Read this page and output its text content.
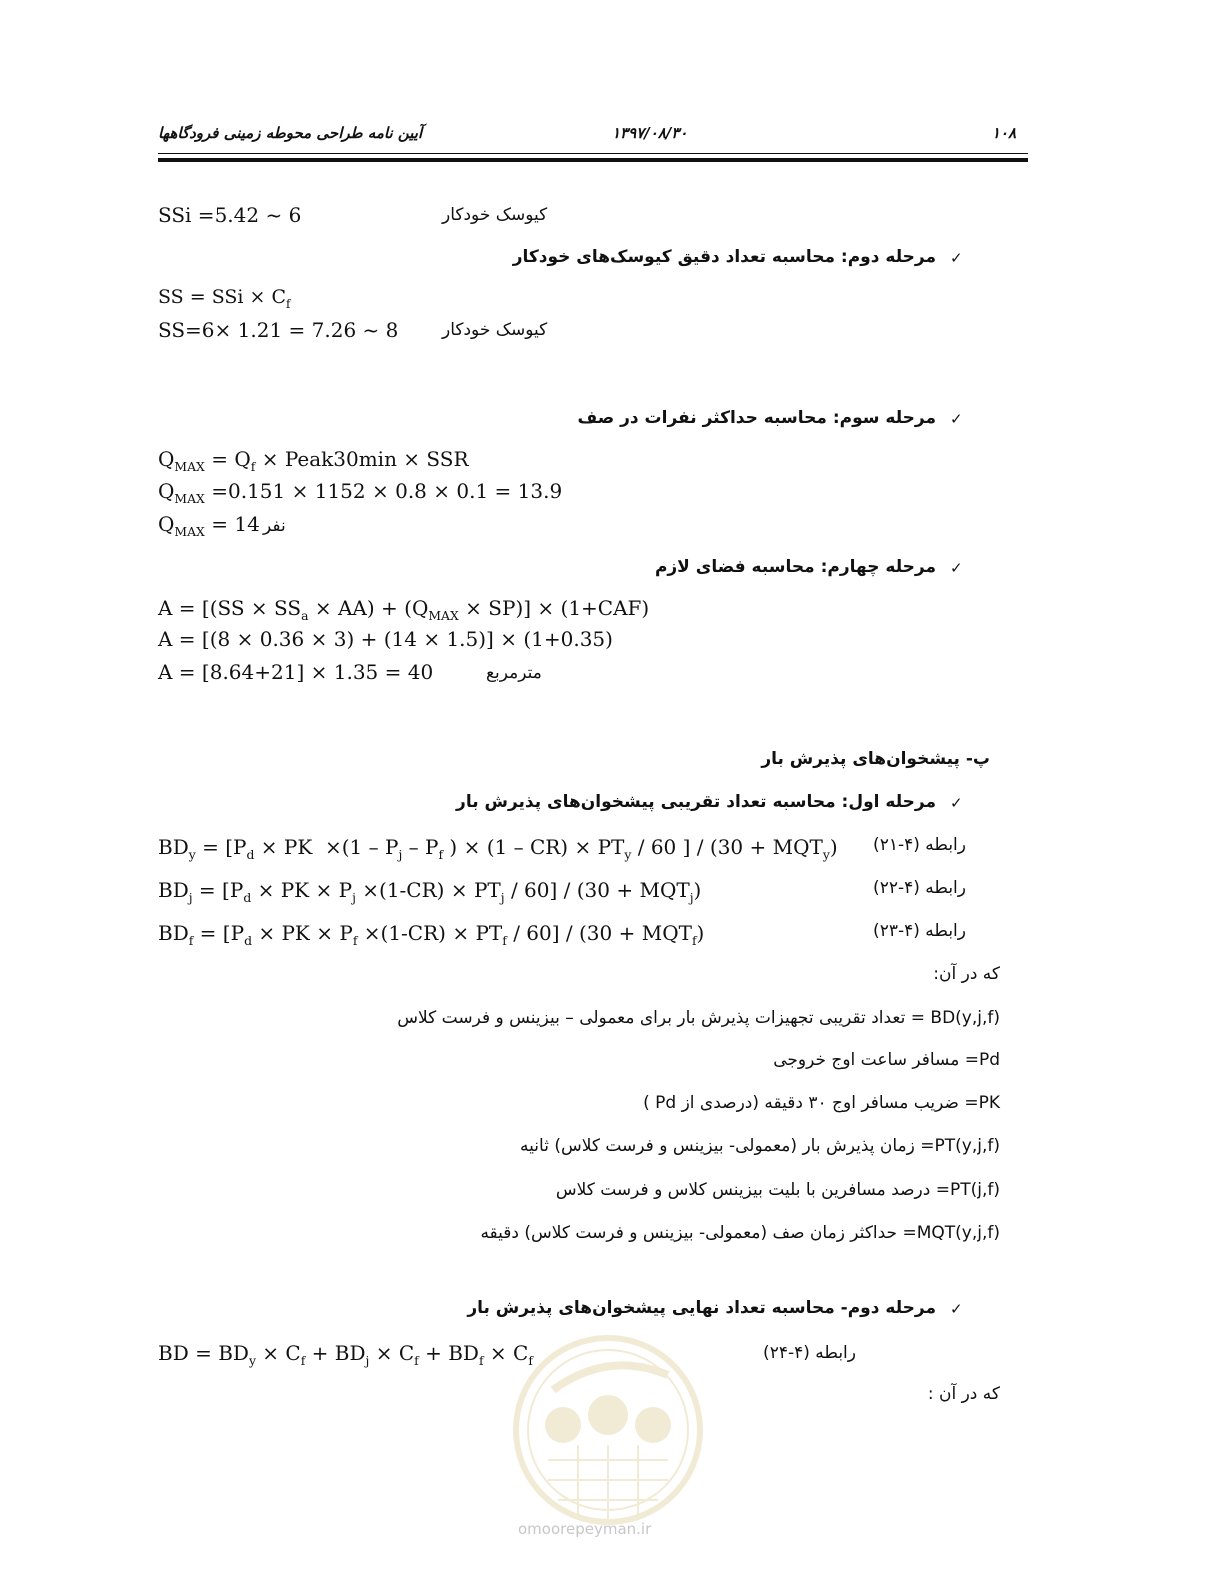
۱۰۸
۱۳۹۷/۰۸/۳۰
آیین نامه طراحی محوطه زمینی فرودگاهها
SSi =5.42 ~ 6	کیوسک خودکار
✓
مرحله دوم: محاسبه تعداد دقیق کیوسک‌های خودکار
SS = SSi × $C_f$
SS=6× 1.21 = 7.26 ~ 8	کیوسک خودکار
✓
مرحله سوم: محاسبه حداکثر نفرات در صف
$Q_{MAX} = Q_f$ × Peak30min × SSR
$Q_{MAX} =0.151 \times 1152 \times 0.8 \times 0.1 = 13.9$
$Q_{MAX} = 14$ نفر
✓
مرحله چهارم: محاسبه فضای لازم
$A = [(SS \times SS_a \times AA) + (Q_{MAX} \times SP)] \times (1+CAF)$
A = [(8 × 0.36 × 3) + (14 × 1.5)] × (1+0.35)
A = [8.64+21] × 1.35 = 40	مترمربع
پ- پیشخوان‌های پذیرش بار
✓
مرحله اول: محاسبه تعداد تقریبی پیشخوان‌های پذیرش بار
$BD_y = [P_d$ × PK  $\times(1 - P_j - P_f$ ) × $(1 - CR) \times PT_y / 60$ ] / $(30 + MQT_y)$ رابطه (۴-۲۱)
$BD_j = [P_d$ × PK × $P_j \times(1-CR) \times PT_j / 60] / (30 + MQT_j)$	رابطه (۴-۲۲)
$BD_f = [P_d$ × PK × $P_f \times(1-CR) \times PT_f / 60] / (30 + MQT_f)$	رابطه (۴-۲۳)
که در آن:
BD(y,j,f) = تعداد تقریبی تجهیزات پذیرش بار برای معمولی – بیزینس و فرست کلاس
Pd= مسافر ساعت اوج خروجی
PK= ضریب مسافر اوج ۳۰ دقیقه (درصدی از Pd )
PT(y,j,f)= زمان پذیرش بار (معمولی- بیزینس و فرست کلاس) ثانیه
PT(j,f)= درصد مسافرین با بلیت بیزینس کلاس و فرست کلاس
MQT(y,j,f)= حداکثر زمان صف (معمولی- بیزینس و فرست کلاس) دقیقه
✓
مرحله دوم- محاسبه تعداد نهایی پیشخوان‌های پذیرش بار
BD = $BD_y \times C_f + BD_j \times C_f + BD_f \times C_f$	رابطه (۴-۲۴)
که در آن :
omoorepeyman.ir
